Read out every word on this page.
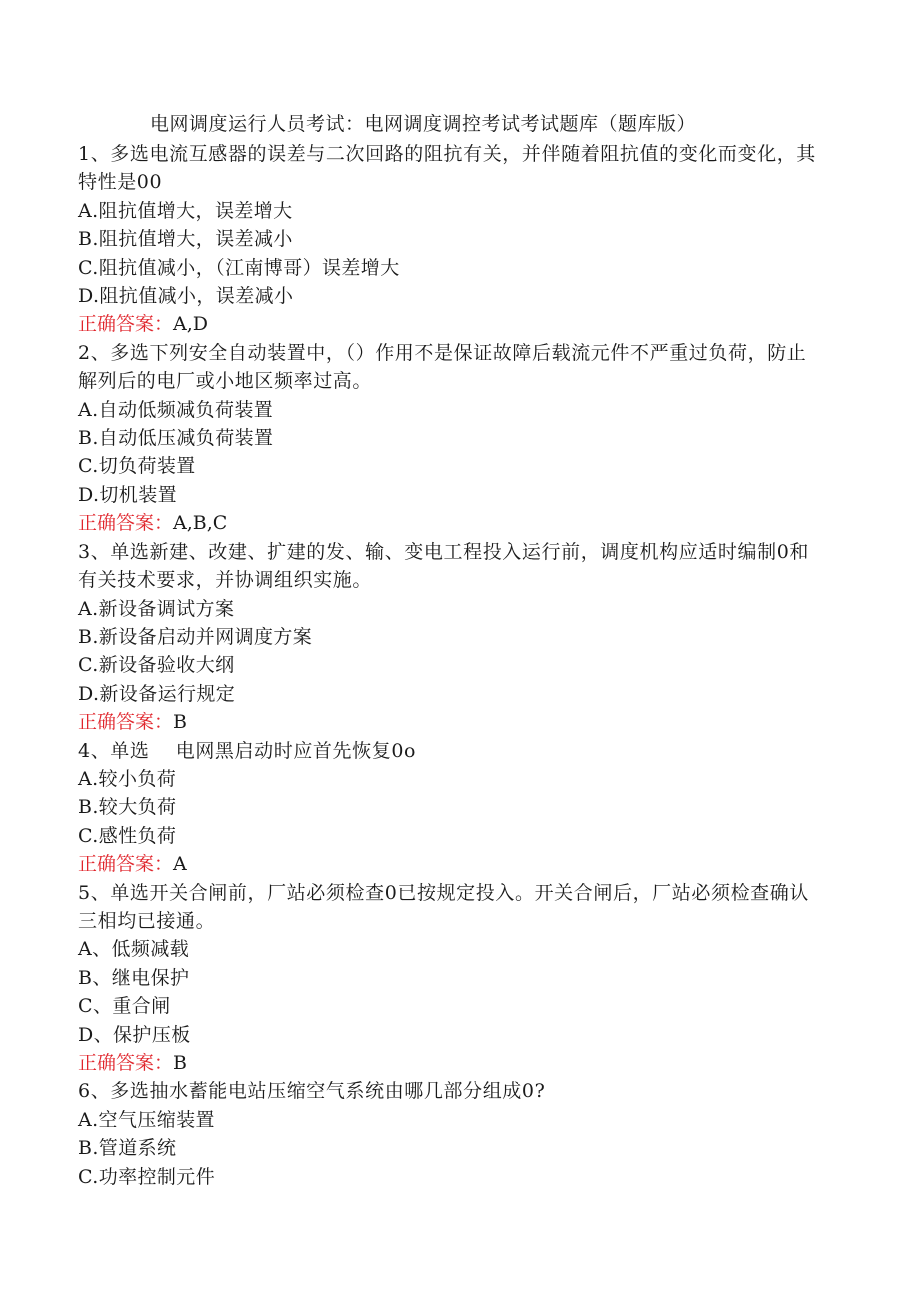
电网调度运行人员考试：电网调度调控考试考试题库（题库版）

1、多选电流互感器的误差与二次回路的阻抗有关，并伴随着阻抗值的变化而变化，其特性是00

A.阻抗值增大，误差增大

B.阻抗值增大，误差减小

C.阻抗值减小，（江南博哥）误差增大

D.阻抗值减小，误差减小

正确答案：A,D

2、多选下列安全自动装置中，（）作用不是保证故障后载流元件不严重过负荷，防止解列后的电厂或小地区频率过高。

A.自动低频减负荷装置

B.自动低压减负荷装置

C.切负荷装置

D.切机装置

正确答案：A,B,C

3、单选新建、改建、扩建的发、输、变电工程投入运行前，调度机构应适时编制0和有关技术要求，并协调组织实施。

A.新设备调试方案

B.新设备启动并网调度方案

C.新设备验收大纲

D.新设备运行规定

正确答案：B

4、单选　 电网黑启动时应首先恢复0o

A.较小负荷

B.较大负荷

C.感性负荷

正确答案：A

5、单选开关合闸前，厂站必须检查0已按规定投入。开关合闸后，厂站必须检查确认三相均已接通。

A、低频减载

B、继电保护

C、重合闸

D、保护压板

正确答案：B

6、多选抽水蓄能电站压缩空气系统由哪几部分组成0?

A.空气压缩装置

B.管道系统

C.功率控制元件
